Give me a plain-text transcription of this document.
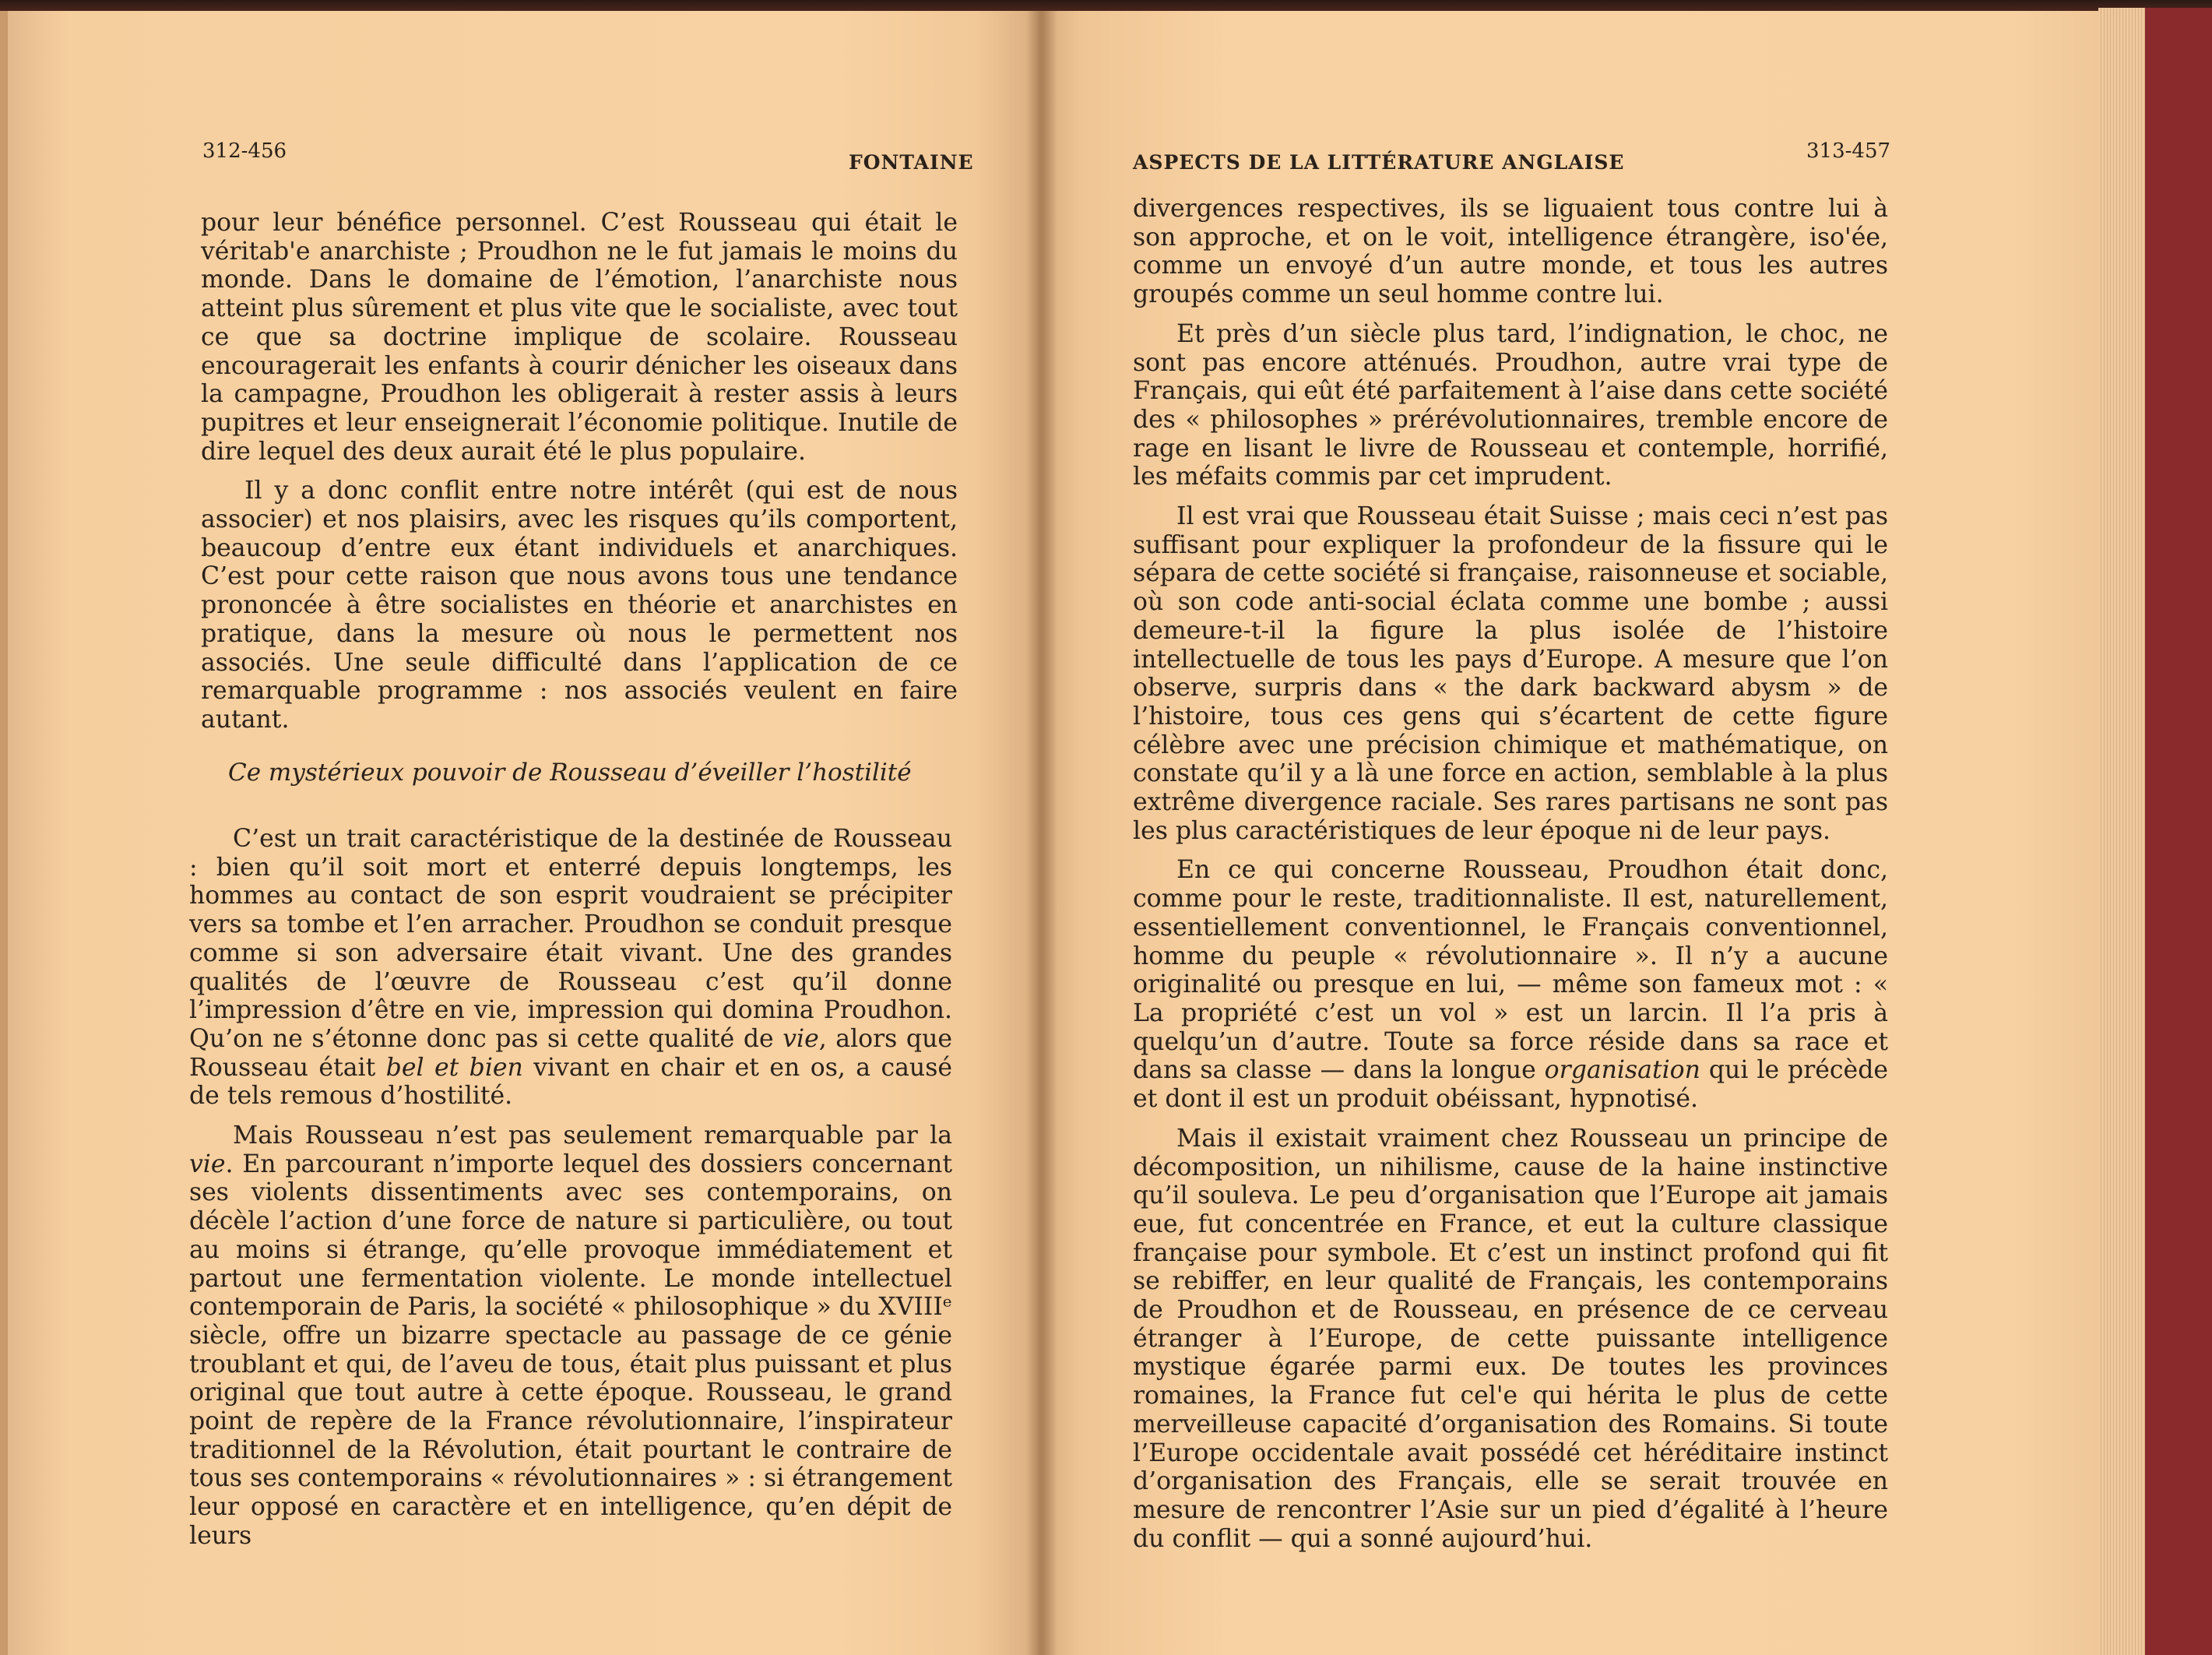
312-456	FONTAINE

pour leur bénéfice personnel. C’est Rousseau qui était le véritab'e anarchiste ; Proudhon ne le fut jamais le moins du monde. Dans le domaine de l’émotion, l’anarchiste nous atteint plus sûrement et plus vite que le socialiste, avec tout ce que sa doctrine implique de scolaire. Rousseau encouragerait les enfants à courir dénicher les oiseaux dans la campagne, Proudhon les obligerait à rester assis à leurs pupitres et leur enseignerait l’économie politique. Inutile de dire lequel des deux aurait été le plus populaire.

Il y a donc conflit entre notre intérêt (qui est de nous associer) et nos plaisirs, avec les risques qu’ils comportent, beaucoup d’entre eux étant individuels et anarchiques. C’est pour cette raison que nous avons tous une tendance prononcée à être socialistes en théorie et anarchistes en pratique, dans la mesure où nous le permettent nos associés. Une seule difficulté dans l’application de ce remarquable programme : nos associés veulent en faire autant.

Ce mystérieux pouvoir de Rousseau d’éveiller l’hostilité

C’est un trait caractéristique de la destinée de Rousseau : bien qu’il soit mort et enterré depuis longtemps, les hommes au contact de son esprit voudraient se précipiter vers sa tombe et l’en arracher. Proudhon se conduit presque comme si son adversaire était vivant. Une des grandes qualités de l’œuvre de Rousseau c’est qu’il donne l’impression d’être en vie, impression qui domina Proudhon. Qu’on ne s’étonne donc pas si cette qualité de vie, alors que Rousseau était bel et bien vivant en chair et en os, a causé de tels remous d’hostilité.

Mais Rousseau n’est pas seulement remarquable par la vie. En parcourant n’importe lequel des dossiers concernant ses violents dissentiments avec ses contemporains, on décèle l’action d’une force de nature si particulière, ou tout au moins si étrange, qu’elle provoque immédiatement et partout une fermentation violente. Le monde intellectuel contemporain de Paris, la société « philosophique » du XVIIIᵉ siècle, offre un bizarre spectacle au passage de ce génie troublant et qui, de l’aveu de tous, était plus puissant et plus original que tout autre à cette époque. Rousseau, le grand point de repère de la France révolutionnaire, l’inspirateur traditionnel de la Révolution, était pourtant le contraire de tous ses contemporains « révolutionnaires » : si étrangement leur opposé en caractère et en intelligence, qu’en dépit de leurs

ASPECTS DE LA LITTÉRATURE ANGLAISE	313-457

divergences respectives, ils se liguaient tous contre lui à son approche, et on le voit, intelligence étrangère, iso'ée, comme un envoyé d’un autre monde, et tous les autres groupés comme un seul homme contre lui.

Et près d’un siècle plus tard, l’indignation, le choc, ne sont pas encore atténués. Proudhon, autre vrai type de Français, qui eût été parfaitement à l’aise dans cette société des « philosophes » prérévolutionnaires, tremble encore de rage en lisant le livre de Rousseau et contemple, horrifié, les méfaits commis par cet imprudent.

Il est vrai que Rousseau était Suisse ; mais ceci n’est pas suffisant pour expliquer la profondeur de la fissure qui le sépara de cette société si française, raisonneuse et sociable, où son code anti-social éclata comme une bombe ; aussi demeure-t-il la figure la plus isolée de l’histoire intellectuelle de tous les pays d’Europe. A mesure que l’on observe, surpris dans « the dark backward abysm » de l’histoire, tous ces gens qui s’écartent de cette figure célèbre avec une précision chimique et mathématique, on constate qu’il y a là une force en action, semblable à la plus extrême divergence raciale. Ses rares partisans ne sont pas les plus caractéristiques de leur époque ni de leur pays.

En ce qui concerne Rousseau, Proudhon était donc, comme pour le reste, traditionnaliste. Il est, naturellement, essentiellement conventionnel, le Français conventionnel, homme du peuple « révolutionnaire ». Il n’y a aucune originalité ou presque en lui, — même son fameux mot : « La propriété c’est un vol » est un larcin. Il l’a pris à quelqu’un d’autre. Toute sa force réside dans sa race et dans sa classe — dans la longue organisation qui le précède et dont il est un produit obéissant, hypnotisé.

Mais il existait vraiment chez Rousseau un principe de décomposition, un nihilisme, cause de la haine instinctive qu’il souleva. Le peu d’organisation que l’Europe ait jamais eue, fut concentrée en France, et eut la culture classique française pour symbole. Et c’est un instinct profond qui fit se rebiffer, en leur qualité de Français, les contemporains de Proudhon et de Rousseau, en présence de ce cerveau étranger à l’Europe, de cette puissante intelligence mystique égarée parmi eux. De toutes les provinces romaines, la France fut cel'e qui hérita le plus de cette merveilleuse capacité d’organisation des Romains. Si toute l’Europe occidentale avait possédé cet héréditaire instinct d’organisation des Français, elle se serait trouvée en mesure de rencontrer l’Asie sur un pied d’égalité à l’heure du conflit — qui a sonné aujourd’hui.
